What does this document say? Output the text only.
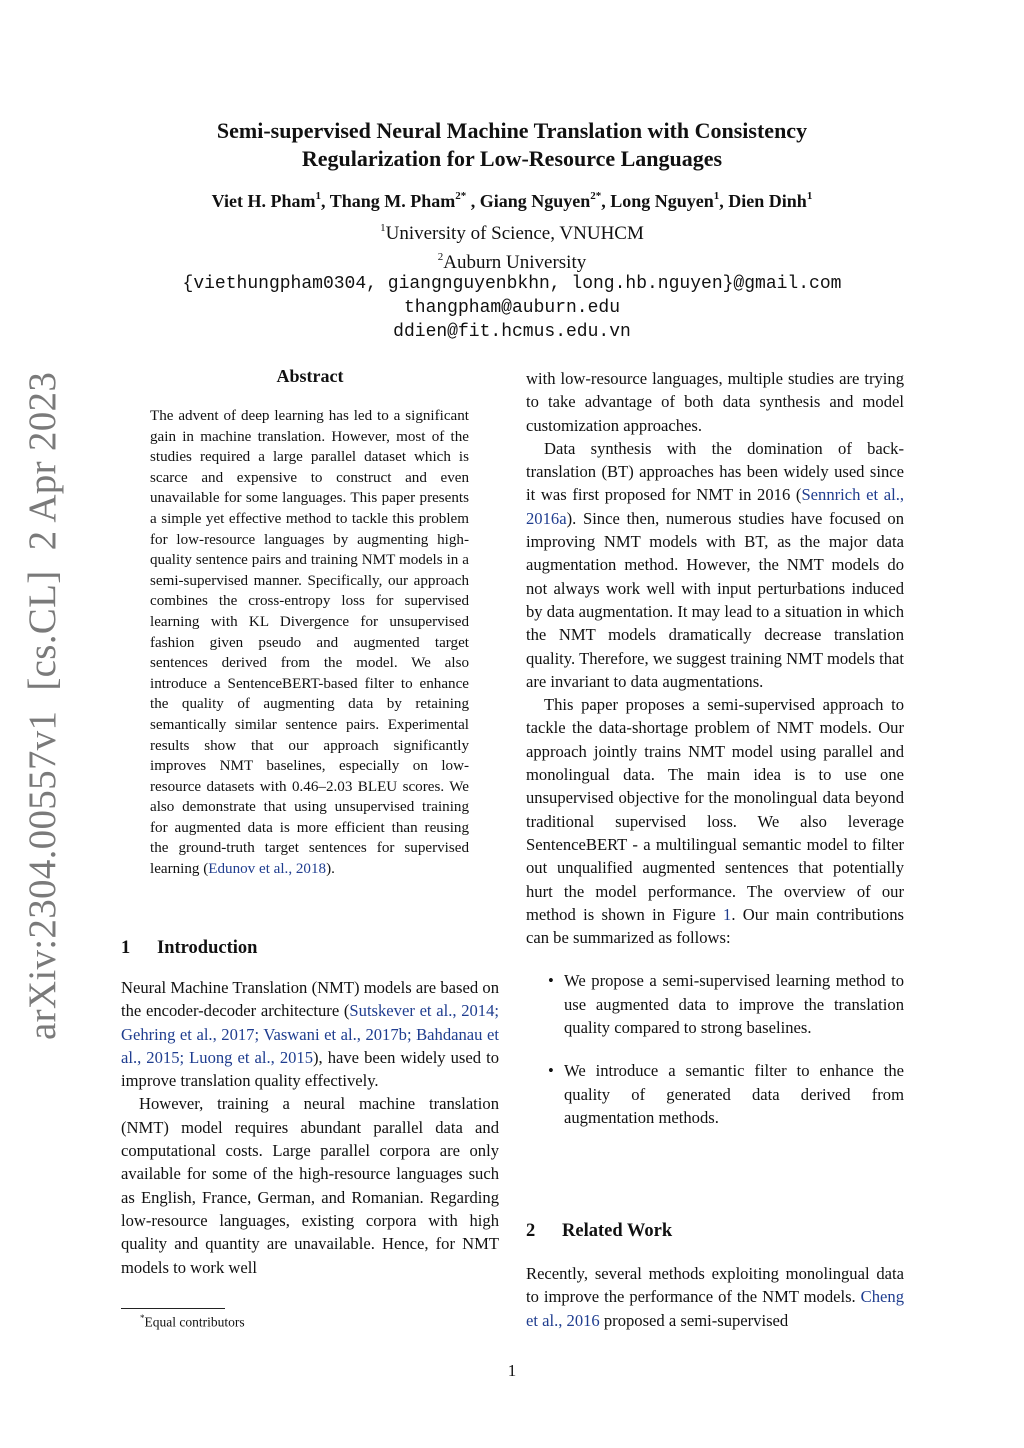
Semi-supervised Neural Machine Translation with Consistency
Regularization for Low-Resource Languages
Viet H. Pham$^1$, Thang M. Pham$^{2*}$ , Giang Nguyen$^{2*}$, Long Nguyen$^1$, Dien Dinh$^1$
$^1$University of Science, VNUHCM
$^2$Auburn University
{viethungpham0304, giangnguyenbkhn, long.hb.nguyen}@gmail.com
thangpham@auburn.edu
ddien@fit.hcmus.edu.vn
arXiv:2304.00557v1  [cs.CL]  2 Apr 2023	Abstract
The advent of deep learning has led to a significant gain in machine translation. However, most of the studies required a large parallel dataset which is scarce and expensive to construct and even unavailable for some languages. This paper presents a simple yet effective method to tackle this problem for low-resource languages by augmenting high-quality sentence pairs and training NMT models in a semi-supervised manner. Specifically, our approach combines the cross-entropy loss for supervised learning with KL Divergence for unsupervised fashion given pseudo and augmented target sentences derived from the model. We also introduce a SentenceBERT-based filter to enhance the quality of augmenting data by retaining semantically similar sentence pairs. Experimental results show that our approach significantly improves NMT baselines, especially on low-resource datasets with 0.46–2.03 BLEU scores. We also demonstrate that using unsupervised training for augmented data is more efficient than reusing the ground-truth target sentences for supervised learning (Edunov et al., 2018).
1 Introduction

Neural Machine Translation (NMT) models are based on the encoder-decoder architecture (Sutskever et al., 2014; Gehring et al., 2017; Vaswani et al., 2017b; Bahdanau et al., 2015; Luong et al., 2015), have been widely used to improve translation quality effectively.

However, training a neural machine translation (NMT) model requires abundant parallel data and computational costs. Large parallel corpora are only available for some of the high-resource languages such as English, France, German, and Romanian. Regarding low-resource languages, existing corpora with high quality and quantity are unavailable. Hence, for NMT models to work well

*Equal contributors

with low-resource languages, multiple studies are trying to take advantage of both data synthesis and model customization approaches.

Data synthesis with the domination of back-translation (BT) approaches has been widely used since it was first proposed for NMT in 2016 (Sennrich et al., 2016a). Since then, numerous studies have focused on improving NMT models with BT, as the major data augmentation method. However, the NMT models do not always work well with input perturbations induced by data augmentation. It may lead to a situation in which the NMT models dramatically decrease translation quality. Therefore, we suggest training NMT models that are invariant to data augmentations.

This paper proposes a semi-supervised approach to tackle the data-shortage problem of NMT models. Our approach jointly trains NMT model using parallel and monolingual data. The main idea is to use one unsupervised objective for the monolingual data beyond traditional supervised loss. We also leverage SentenceBERT - a multilingual semantic model to filter out unqualified augmented sentences that potentially hurt the model performance. The overview of our method is shown in Figure 1. Our main contributions can be summarized as follows:

• We propose a semi-supervised learning method to use augmented data to improve the translation quality compared to strong baselines.
• We introduce a semantic filter to enhance the quality of generated data derived from augmentation methods.
2 Related Work

Recently, several methods exploiting monolingual data to improve the performance of the NMT models. Cheng et al., 2016 proposed a semi-supervised

1
